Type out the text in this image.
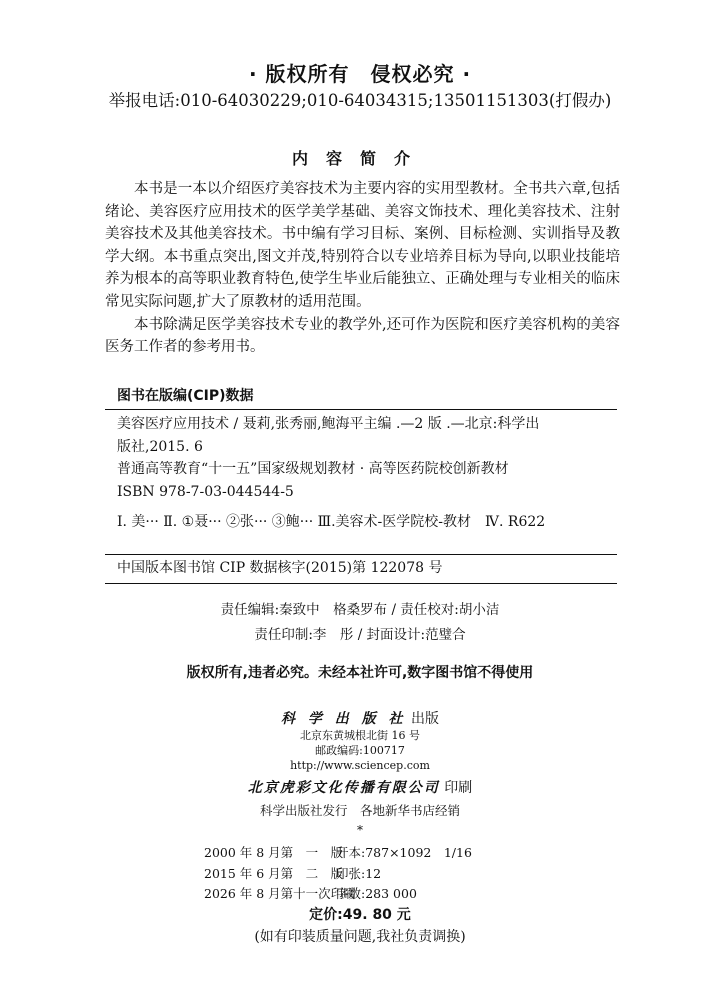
· 版权所有　侵权必究 ·
举报电话:010-64030229;010-64034315;13501151303(打假办)
内容简介

本书是一本以介绍医疗美容技术为主要内容的实用型教材。全书共六章,包括绪论、美容医疗应用技术的医学美学基础、美容文饰技术、理化美容技术、注射美容技术及其他美容技术。书中编有学习目标、案例、目标检测、实训指导及教学大纲。本书重点突出,图文并茂,特别符合以专业培养目标为导向,以职业技能培养为根本的高等职业教育特色,使学生毕业后能独立、正确处理与专业相关的临床常见实际问题,扩大了原教材的适用范围。

本书除满足医学美容技术专业的教学外,还可作为医院和医疗美容机构的美容医务工作者的参考用书。

图书在版编(CIP)数据
美容医疗应用技术 / 聂莉,张秀丽,鲍海平主编 .—2 版 .—北京:科学出
版社,2015. 6
普通高等教育“十一五”国家级规划教材 · 高等医药院校创新教材
ISBN 978-7-03-044544-5
Ⅰ. 美··· Ⅱ. ①聂··· ②张··· ③鲍··· Ⅲ.美容术-医学院校-教材　Ⅳ. R622
中国版本图书馆 CIP 数据核字(2015)第 122078 号
责任编辑:秦致中　格桑罗布 / 责任校对:胡小洁
责任印制:李　彤 / 封面设计:范璧合
版权所有,违者必究。未经本社许可,数字图书馆不得使用
科 学 出 版 社 出版
北京东黄城根北街 16 号
邮政编码:100717
http://www.sciencep.com
北京虎彩文化传播有限公司 印刷
科学出版社发行　各地新华书店经销
*
2000 年 8 月第　一　版开本:787×1092　1/16
2015 年 6 月第　二　版印张:12
2026 年 8 月第十一次印刷字数:283 000
定价:49. 80 元
(如有印装质量问题,我社负责调换)
